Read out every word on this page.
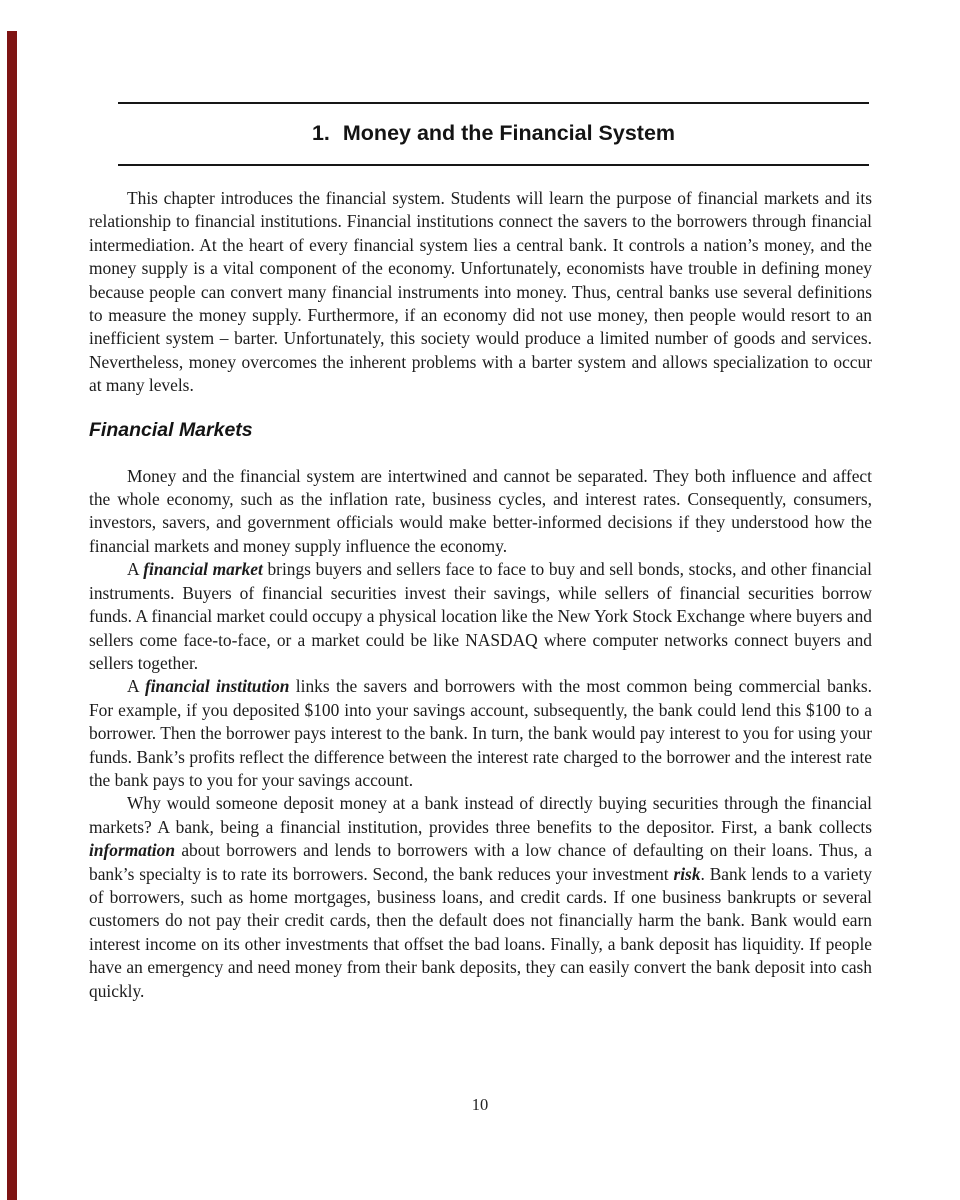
1. Money and the Financial System

This chapter introduces the financial system. Students will learn the purpose of financial markets and its relationship to financial institutions. Financial institutions connect the savers to the borrowers through financial intermediation. At the heart of every financial system lies a central bank. It controls a nation’s money, and the money supply is a vital component of the economy. Unfortunately, economists have trouble in defining money because people can convert many financial instruments into money. Thus, central banks use several definitions to measure the money supply. Furthermore, if an economy did not use money, then people would resort to an inefficient system – barter. Unfortunately, this society would produce a limited number of goods and services. Nevertheless, money overcomes the inherent problems with a barter system and allows specialization to occur at many levels.

Financial Markets

Money and the financial system are intertwined and cannot be separated. They both influence and affect the whole economy, such as the inflation rate, business cycles, and interest rates. Consequently, consumers, investors, savers, and government officials would make better-informed decisions if they understood how the financial markets and money supply influence the economy.

A financial market brings buyers and sellers face to face to buy and sell bonds, stocks, and other financial instruments. Buyers of financial securities invest their savings, while sellers of financial securities borrow funds. A financial market could occupy a physical location like the New York Stock Exchange where buyers and sellers come face-to-face, or a market could be like NASDAQ where computer networks connect buyers and sellers together.

A financial institution links the savers and borrowers with the most common being commercial banks. For example, if you deposited $100 into your savings account, subsequently, the bank could lend this $100 to a borrower. Then the borrower pays interest to the bank. In turn, the bank would pay interest to you for using your funds. Bank’s profits reflect the difference between the interest rate charged to the borrower and the interest rate the bank pays to you for your savings account.

Why would someone deposit money at a bank instead of directly buying securities through the financial markets? A bank, being a financial institution, provides three benefits to the depositor. First, a bank collects information about borrowers and lends to borrowers with a low chance of defaulting on their loans. Thus, a bank’s specialty is to rate its borrowers. Second, the bank reduces your investment risk. Bank lends to a variety of borrowers, such as home mortgages, business loans, and credit cards. If one business bankrupts or several customers do not pay their credit cards, then the default does not financially harm the bank. Bank would earn interest income on its other investments that offset the bad loans. Finally, a bank deposit has liquidity. If people have an emergency and need money from their bank deposits, they can easily convert the bank deposit into cash quickly.

10
